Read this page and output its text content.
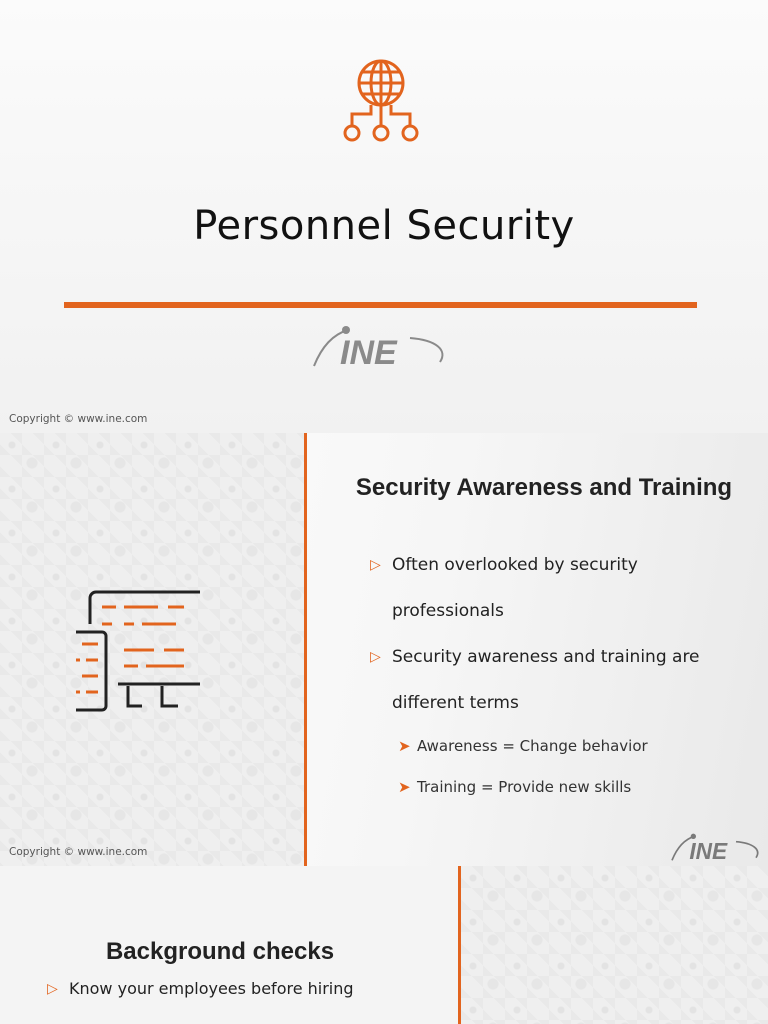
Personnel Security
INE
Copyright © www.ine.com
Security Awareness and Training
▷ Often overlooked by security professionals
▷ Security awareness and training are different terms
➤ Awareness = Change behavior
➤ Training = Provide new skills
Copyright © www.ine.com	INE
Background checks
▷ Know your employees before hiring
